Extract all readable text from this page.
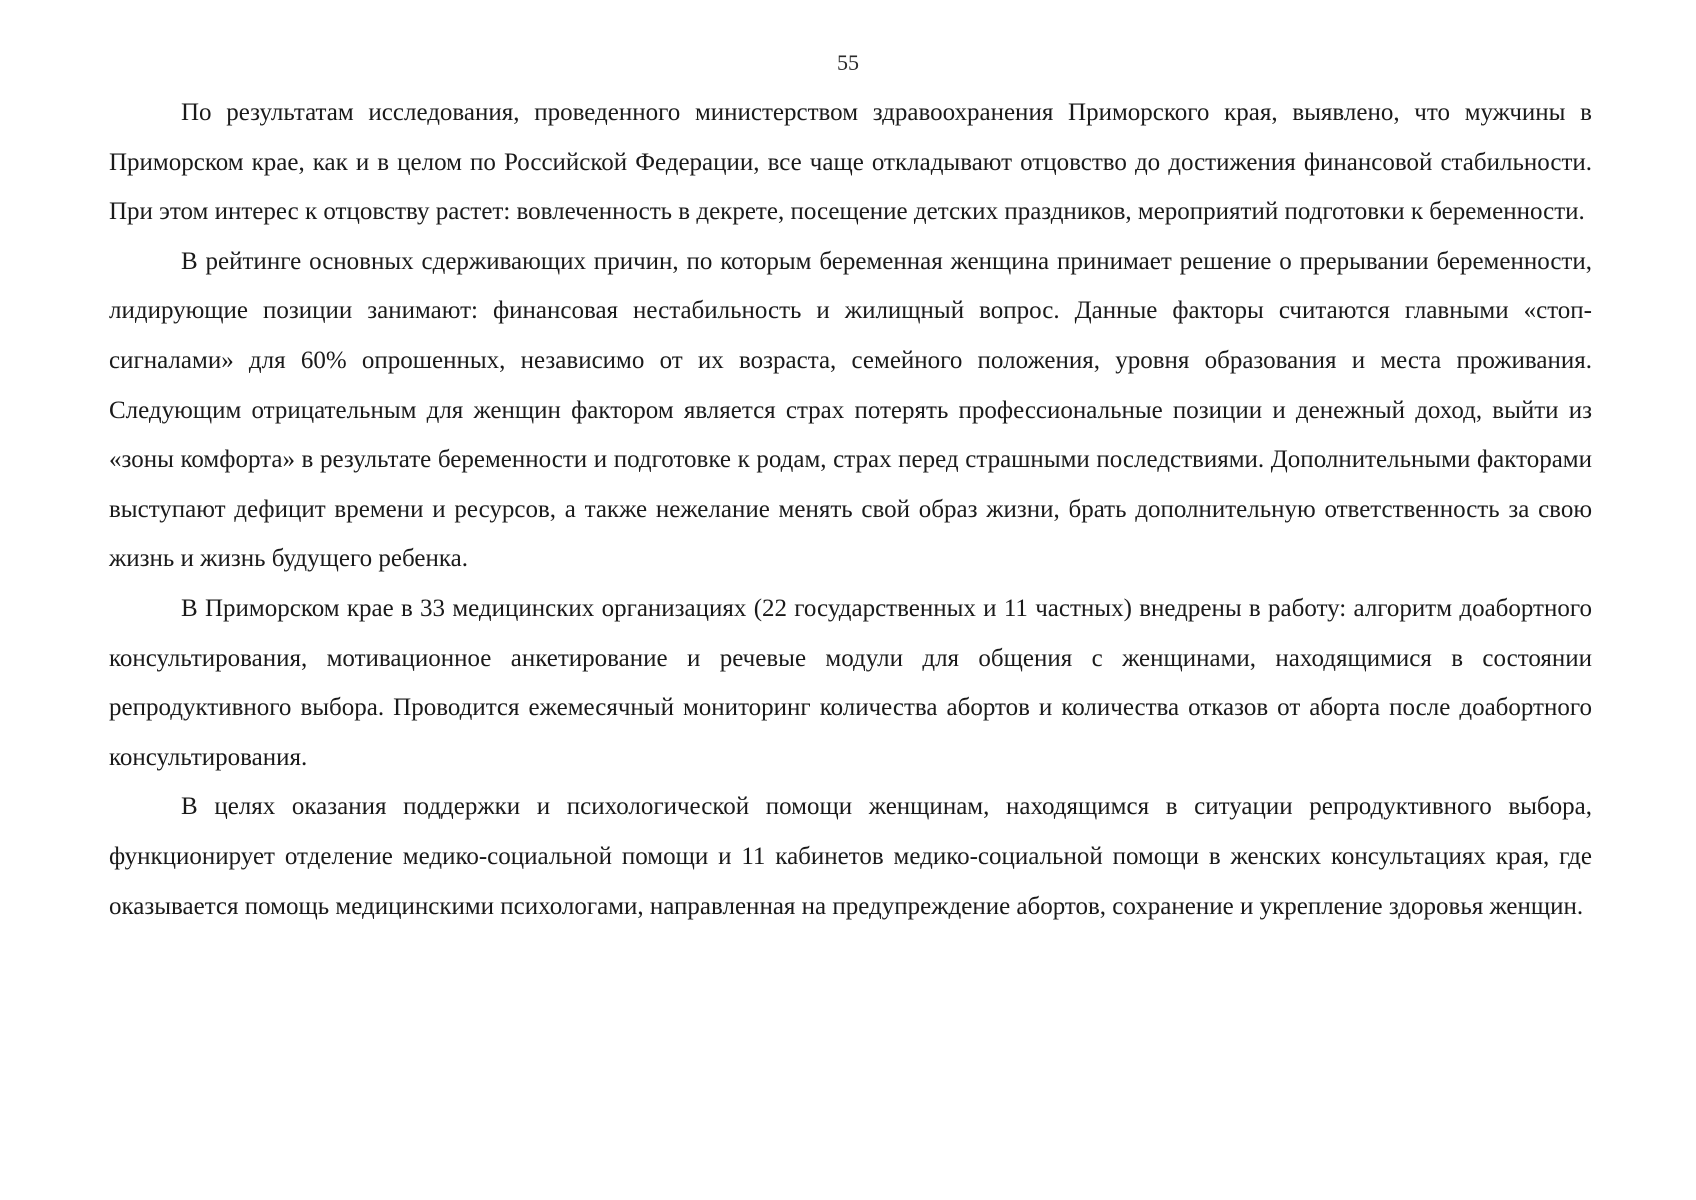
55

По результатам исследования, проведенного министерством здравоохранения Приморского края, выявлено, что мужчины в Приморском крае, как и в целом по Российской Федерации, все чаще откладывают отцовство до достижения финансовой стабильности. При этом интерес к отцовству растет: вовлеченность в декрете, посещение детских праздников, мероприятий подготовки к беременности.

В рейтинге основных сдерживающих причин, по которым беременная женщина принимает решение о прерывании беременности, лидирующие позиции занимают: финансовая нестабильность и жилищный вопрос. Данные факторы считаются главными «стоп-сигналами» для 60% опрошенных, независимо от их возраста, семейного положения, уровня образования и места проживания. Следующим отрицательным для женщин фактором является страх потерять профессиональные позиции и денежный доход, выйти из «зоны комфорта» в результате беременности и подготовке к родам, страх перед страшными последствиями. Дополнительными факторами выступают дефицит времени и ресурсов, а также нежелание менять свой образ жизни, брать дополнительную ответственность за свою жизнь и жизнь будущего ребенка.

В Приморском крае в 33 медицинских организациях (22 государственных и 11 частных) внедрены в работу: алгоритм доабортного консультирования, мотивационное анкетирование и речевые модули для общения с женщинами, находящимися в состоянии репродуктивного выбора. Проводится ежемесячный мониторинг количества абортов и количества отказов от аборта после доабортного консультирования.

В целях оказания поддержки и психологической помощи женщинам, находящимся в ситуации репродуктивного выбора, функционирует отделение медико-социальной помощи и 11 кабинетов медико-социальной помощи в женских консультациях края, где оказывается помощь медицинскими психологами, направленная на предупреждение абортов, сохранение и укрепление здоровья женщин.
